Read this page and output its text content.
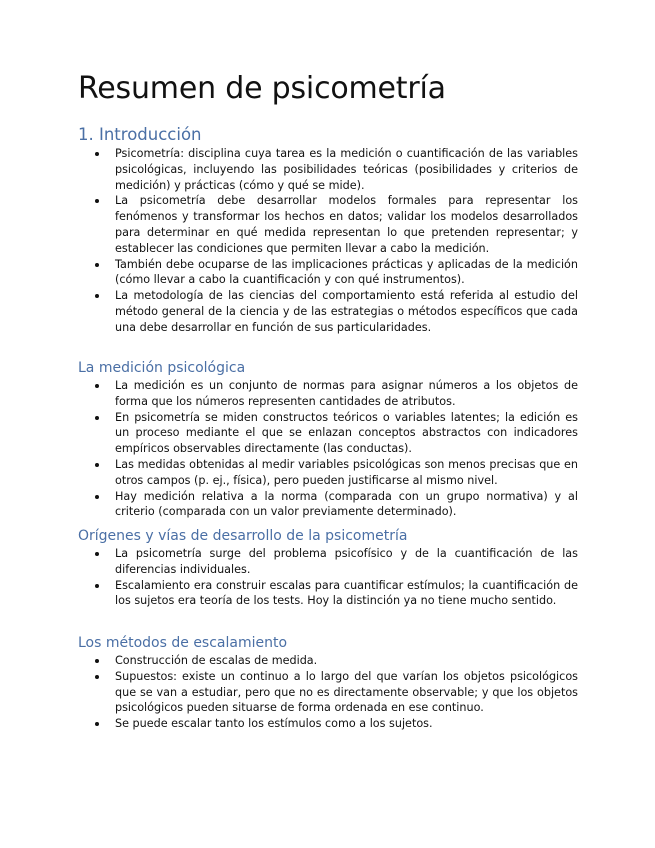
Resumen de psicometría
1. Introducción
Psicometría: disciplina cuya tarea es la medición o cuantificación de las variables psicológicas, incluyendo las posibilidades teóricas (posibilidades y criterios de medición) y prácticas (cómo y qué se mide).
La psicometría debe desarrollar modelos formales para representar los fenómenos y transformar los hechos en datos; validar los modelos desarrollados para determinar en qué medida representan lo que pretenden representar; y establecer las condiciones que permiten llevar a cabo la medición.
También debe ocuparse de las implicaciones prácticas y aplicadas de la medición (cómo llevar a cabo la cuantificación y con qué instrumentos).
La metodología de las ciencias del comportamiento está referida al estudio del método general de la ciencia y de las estrategias o métodos específicos que cada una debe desarrollar en función de sus particularidades.
La medición psicológica
La medición es un conjunto de normas para asignar números a los objetos de forma que los números representen cantidades de atributos.
En psicometría se miden constructos teóricos o variables latentes; la edición es un proceso mediante el que se enlazan conceptos abstractos con indicadores empíricos observables directamente (las conductas).
Las medidas obtenidas al medir variables psicológicas son menos precisas que en otros campos (p. ej., física), pero pueden justificarse al mismo nivel.
Hay medición relativa a la norma (comparada con un grupo normativa) y al criterio (comparada con un valor previamente determinado).
Orígenes y vías de desarrollo de la psicometría
La psicometría surge del problema psicofísico y de la cuantificación de las diferencias individuales.
Escalamiento era construir escalas para cuantificar estímulos; la cuantificación de los sujetos era teoría de los tests. Hoy la distinción ya no tiene mucho sentido.
Los métodos de escalamiento
Construcción de escalas de medida.
Supuestos: existe un continuo a lo largo del que varían los objetos psicológicos que se van a estudiar, pero que no es directamente observable; y que los objetos psicológicos pueden situarse de forma ordenada en ese continuo.
Se puede escalar tanto los estímulos como a los sujetos.
